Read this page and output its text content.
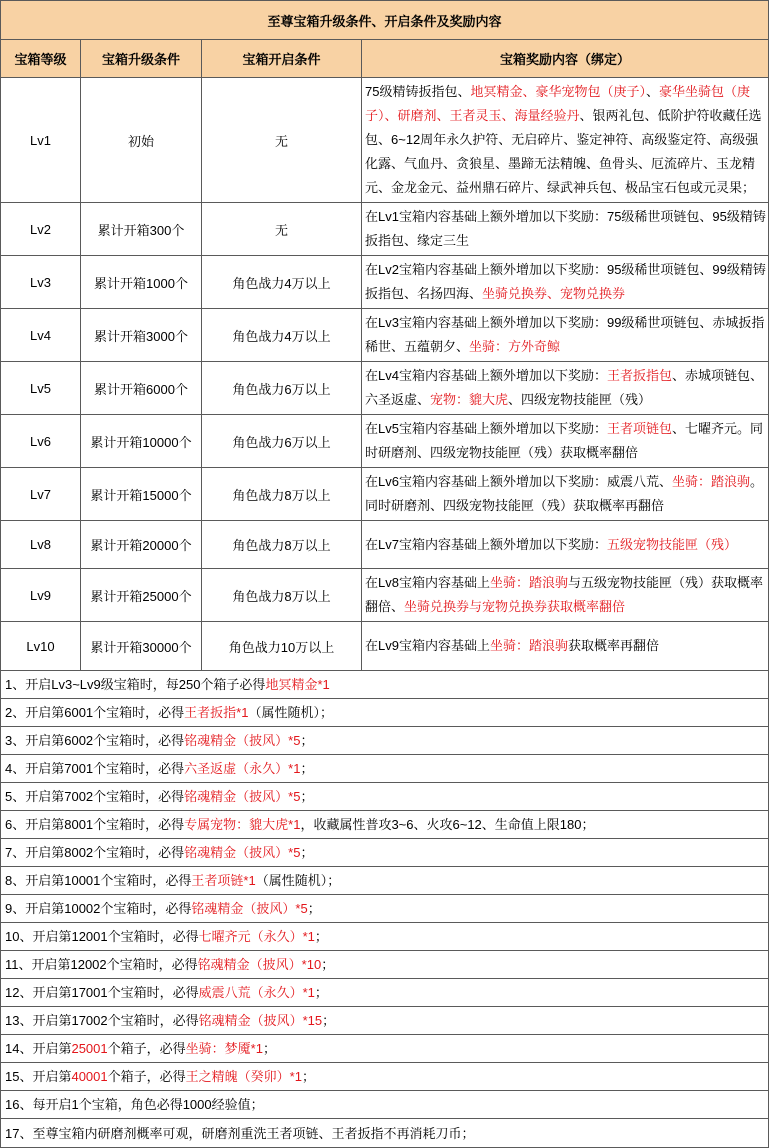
至尊宝箱升级条件、开启条件及奖励内容			
宝箱等级	宝箱升级条件	宝箱开启条件	宝箱奖励内容（绑定）
Lv1	初始	无	75级精铸扳指包、地冥精金、豪华宠物包（庚子）、豪华坐骑包（庚子）、研磨剂、王者灵玉、海量经验丹、银两礼包、低阶护符收藏任选包、6~12周年永久护符、无启碎片、鉴定神符、高级鉴定符、高级强化露、气血丹、贪狼星、墨蹄无法精魄、鱼骨头、厄流碎片、玉龙精元、金龙金元、益州鼎石碎片、绿武神兵包、极品宝石包或元灵果；
Lv2	累计开箱300个	无	在Lv1宝箱内容基础上额外增加以下奖励：75级稀世项链包、95级精铸扳指包、缘定三生
Lv3	累计开箱1000个	角色战力4万以上	在Lv2宝箱内容基础上额外增加以下奖励：95级稀世项链包、99级精铸扳指包、名扬四海、坐骑兑换券、宠物兑换券
Lv4	累计开箱3000个	角色战力4万以上	在Lv3宝箱内容基础上额外增加以下奖励：99级稀世项链包、赤城扳指稀世、五蕴朝夕、坐骑：方外奇鲸
Lv5	累计开箱6000个	角色战力6万以上	在Lv4宝箱内容基础上额外增加以下奖励：王者扳指包、赤城项链包、六圣返虚、宠物：貔大虎、四级宠物技能匣（残）
Lv6	累计开箱10000个	角色战力6万以上	在Lv5宝箱内容基础上额外增加以下奖励：王者项链包、七曜齐元。同时研磨剂、四级宠物技能匣（残）获取概率翻倍
Lv7	累计开箱15000个	角色战力8万以上	在Lv6宝箱内容基础上额外增加以下奖励：威震八荒、坐骑：踏浪驹。同时研磨剂、四级宠物技能匣（残）获取概率再翻倍
Lv8	累计开箱20000个	角色战力8万以上	在Lv7宝箱内容基础上额外增加以下奖励：五级宠物技能匣（残）
Lv9	累计开箱25000个	角色战力8万以上	在Lv8宝箱内容基础上坐骑：踏浪驹与五级宠物技能匣（残）获取概率翻倍、坐骑兑换券与宠物兑换券获取概率翻倍
Lv10	累计开箱30000个	角色战力10万以上	在Lv9宝箱内容基础上坐骑：踏浪驹获取概率再翻倍
1、开启Lv3~Lv9级宝箱时，每250个箱子必得地冥精金*1			
2、开启第6001个宝箱时，必得王者扳指*1（属性随机）；			
3、开启第6002个宝箱时，必得铭魂精金（披风）*5；			
4、开启第7001个宝箱时，必得六圣返虚（永久）*1；			
5、开启第7002个宝箱时，必得铭魂精金（披风）*5；			
6、开启第8001个宝箱时，必得专属宠物：貔大虎*1，收藏属性普攻3~6、火攻6~12、生命值上限180；			
7、开启第8002个宝箱时，必得铭魂精金（披风）*5；			
8、开启第10001个宝箱时，必得王者项链*1（属性随机）；			
9、开启第10002个宝箱时，必得铭魂精金（披风）*5；			
10、开启第12001个宝箱时，必得七曜齐元（永久）*1；			
11、开启第12002个宝箱时，必得铭魂精金（披风）*10；			
12、开启第17001个宝箱时，必得威震八荒（永久）*1；			
13、开启第17002个宝箱时，必得铭魂精金（披风）*15；			
14、开启第25001个箱子，必得坐骑：梦魇*1；			
15、开启第40001个箱子，必得王之精魄（癸卯）*1；			
16、每开启1个宝箱，角色必得1000经验值；			
17、至尊宝箱内研磨剂概率可观，研磨剂重洗王者项链、王者扳指不再消耗刀币；			
